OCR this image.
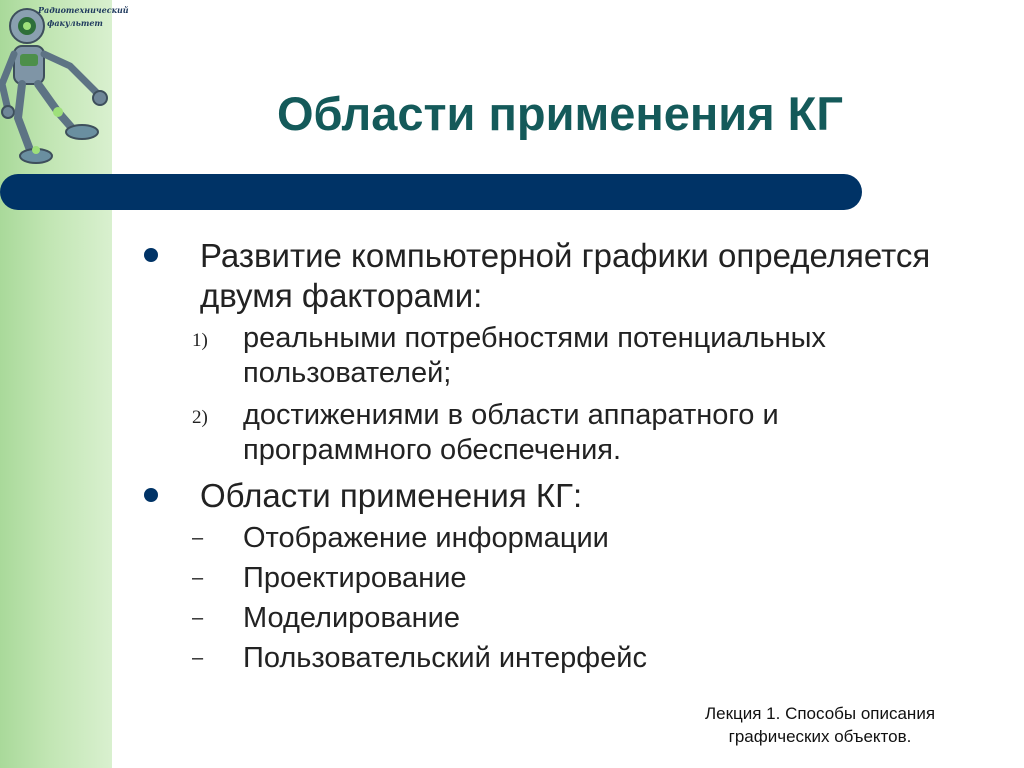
Радиотехнический
факультет
Области применения КГ
Развитие компьютерной графики определяется двумя факторами:
1) реальными потребностями потенциальных пользователей;
2) достижениями в области аппаратного и программного обеспечения.
Области применения КГ:
– Отображение информации
– Проектирование
– Моделирование
– Пользовательский интерфейс
Лекция 1. Способы описания
графических объектов.
